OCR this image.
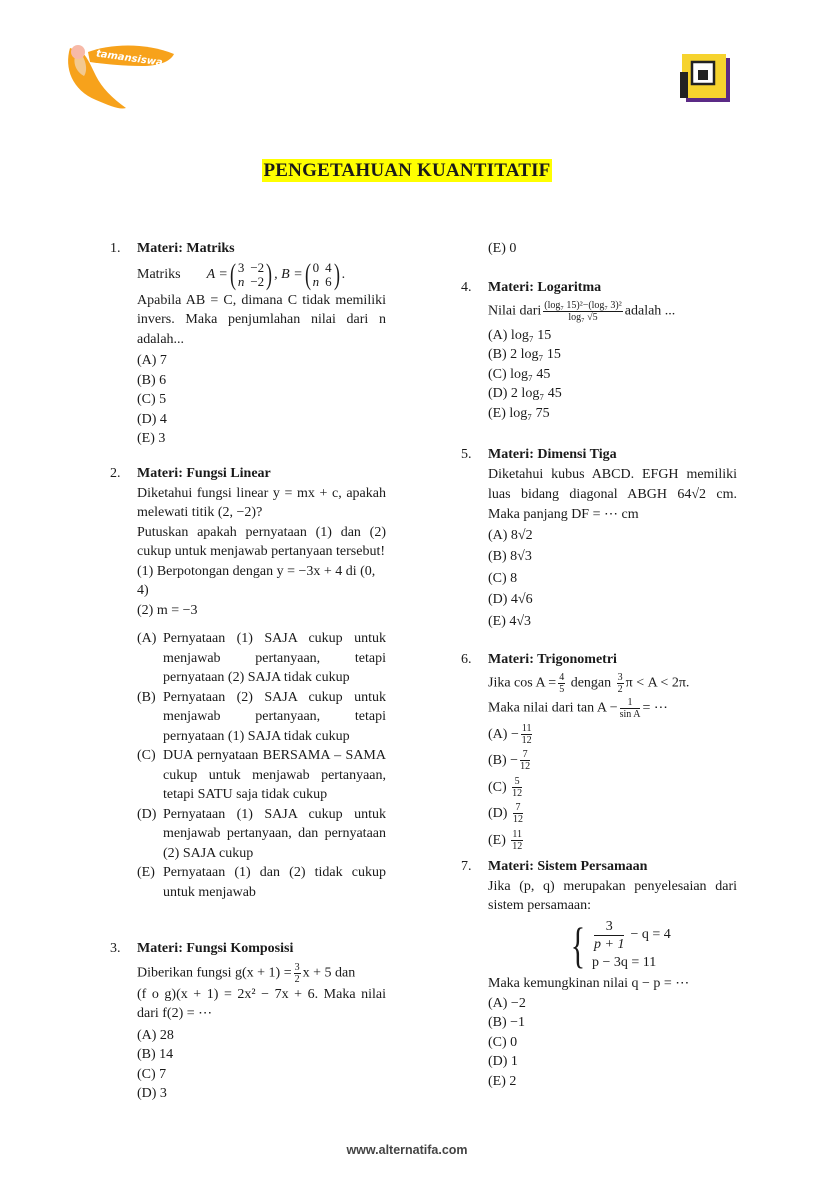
tamansiswa
PENGETAHUAN KUANTITATIF
1. Materi: Matriks
Matriks A = ( 3 −2
n −2 ) , B = ( 0 4
n 6 ) .
Apabila AB = C, dimana C tidak memiliki invers. Maka penjumlahan nilai dari n adalah...
(A) 7
(B) 6
(C) 5
(D) 4
(E) 3
2. Materi: Fungsi Linear
Diketahui fungsi linear y = mx + c, apakah melewati titik (2, −2)?
Putuskan apakah pernyataan (1) dan (2) cukup untuk menjawab pertanyaan tersebut!
(1) Berpotongan dengan y = −3x + 4 di (0, 4)
(2) m = −3
(A) Pernyataan (1) SAJA cukup untuk menjawab pertanyaan, tetapi pernyataan (2) SAJA tidak cukup
(B) Pernyataan (2) SAJA cukup untuk menjawab pertanyaan, tetapi pernyataan (1) SAJA tidak cukup
(C) DUA pernyataan BERSAMA – SAMA cukup untuk menjawab pertanyaan, tetapi SATU saja tidak cukup
(D) Pernyataan (1) SAJA cukup untuk menjawab pertanyaan, dan pernyataan (2) SAJA cukup
(E) Pernyataan (1) dan (2) tidak cukup untuk menjawab
3. Materi: Fungsi Komposisi
Diberikan fungsi $g(x + 1) = \frac{3}{2}$ x + 5 dan
(f o g)(x + 1) = 2x² − 7x + 6. Maka nilai dari f(2) = ⋯
(A) 28
(B) 14
(C) 7
(D) 3
(E) 0
4. Materi: Logaritma
Nilai dari $\frac{\text{(log₇ 15)²−(log₇ 3)²}}{\text{log₇ √5}}$ adalah ...
(A) log₇ 15
(B) 2 log₇ 15
(C) log₇ 45
(D) 2 log₇ 45
(E) log₇ 75
5. Materi: Dimensi Tiga
Diketahui kubus ABCD. EFGH memiliki luas bidang diagonal ABGH 64√2 cm. Maka panjang DF = ⋯ cm
(A) 8√2
(B) 8√3
(C) 8
(D) 4√6
(E) 4√3
6. Materi: Trigonometri
Jika $\cos A = \frac{4}{5}$ dengan $\frac{3}{2}$ π < A < 2π.
Maka nilai dari $\tan A - \frac{1}{\text{sin A}}$ = ⋯
$(A) - \frac{11}{12}$
$(B) - \frac{7}{12}$
$(C) \frac{5}{12}$
$(D) \frac{7}{12}$
$(E) \frac{11}{12}$
7. Materi: Sistem Persamaan
Jika (p, q) merupakan penyelesaian dari sistem persamaan:
{ $\frac{3}{p + 1} - q = 4$
p − 3q = 11
Maka kemungkinan nilai q − p = ⋯
(A) −2
(B) −1
(C) 0
(D) 1
(E) 2
www.alternatifa.com
